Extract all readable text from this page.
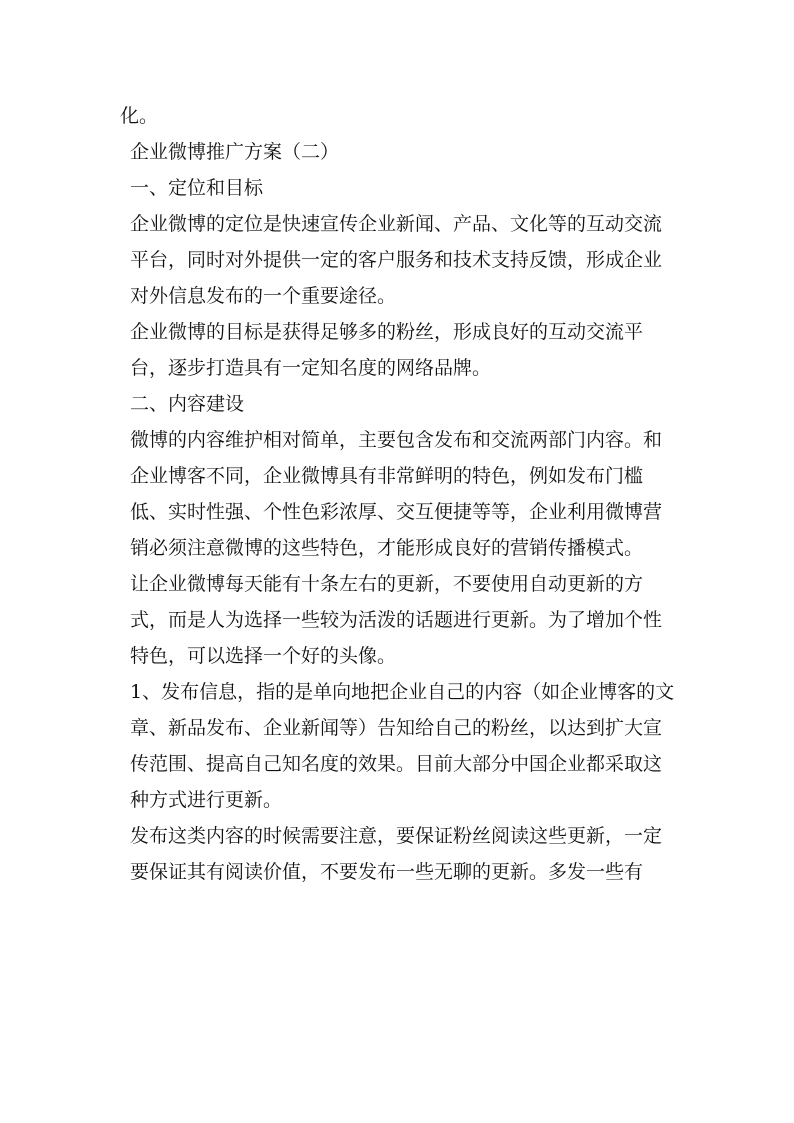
化。

企业微博推广方案（二）

一、定位和目标

企业微博的定位是快速宣传企业新闻、产品、文化等的互动交流平台，同时对外提供一定的客户服务和技术支持反馈，形成企业对外信息发布的一个重要途径。

企业微博的目标是获得足够多的粉丝，形成良好的互动交流平台，逐步打造具有一定知名度的网络品牌。

二、内容建设

微博的内容维护相对简单，主要包含发布和交流两部门内容。和企业博客不同，企业微博具有非常鲜明的特色，例如发布门槛低、实时性强、个性色彩浓厚、交互便捷等等，企业利用微博营销必须注意微博的这些特色，才能形成良好的营销传播模式。

让企业微博每天能有十条左右的更新，不要使用自动更新的方式，而是人为选择一些较为活泼的话题进行更新。为了增加个性特色，可以选择一个好的头像。

1、发布信息，指的是单向地把企业自己的内容（如企业博客的文章、新品发布、企业新闻等）告知给自己的粉丝，以达到扩大宣传范围、提高自己知名度的效果。目前大部分中国企业都采取这种方式进行更新。

发布这类内容的时候需要注意，要保证粉丝阅读这些更新，一定要保证其有阅读价值，不要发布一些无聊的更新。多发一些有
